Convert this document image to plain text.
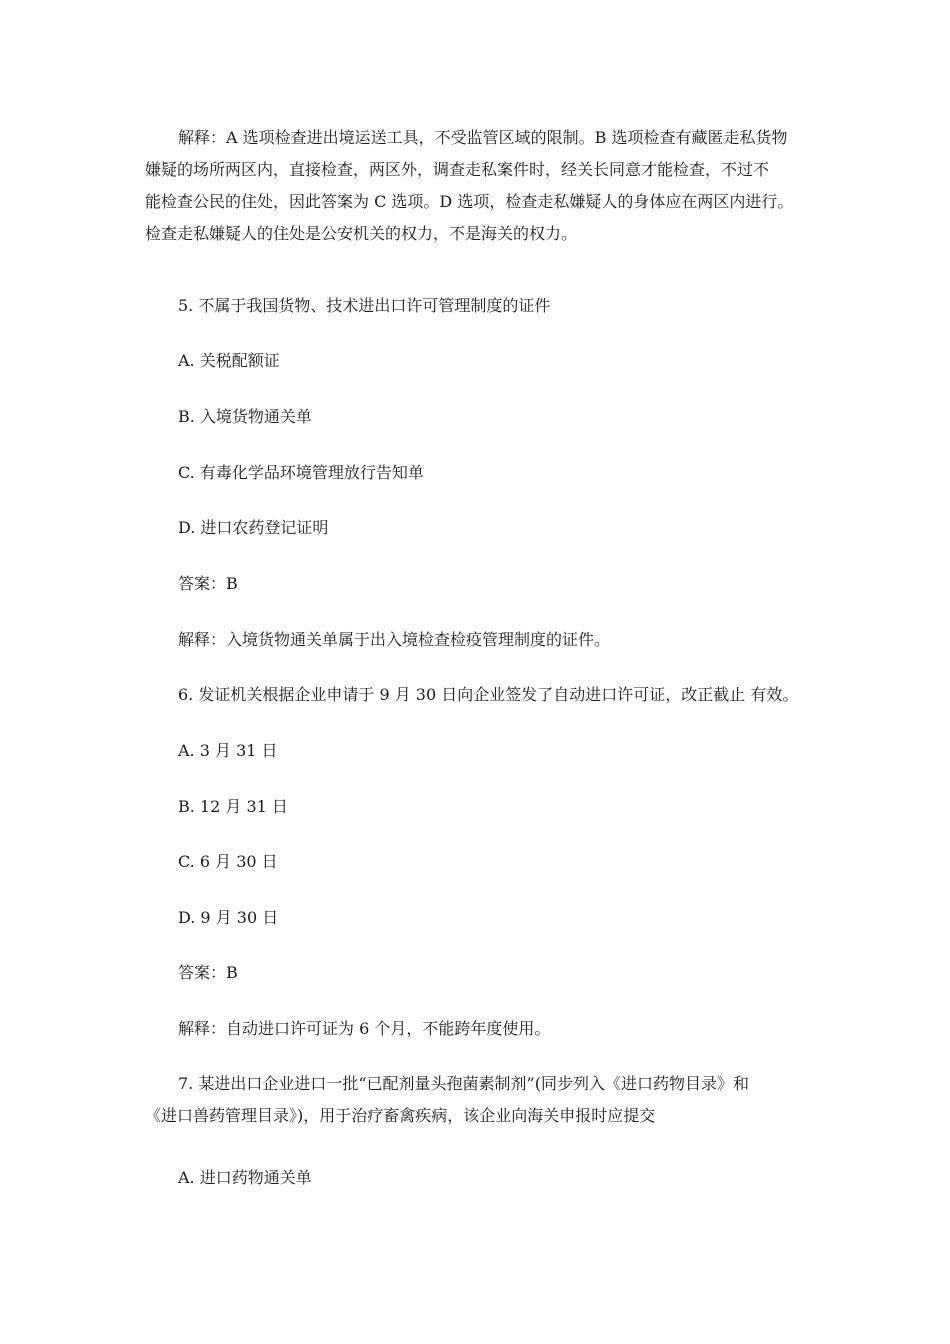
解释：A 选项检查进出境运送工具，不受监管区域的限制。B 选项检查有藏匿走私货物
嫌疑的场所两区内，直接检查，两区外，调查走私案件时，经关长同意才能检查，不过不
能检查公民的住处，因此答案为 C 选项。D 选项，检查走私嫌疑人的身体应在两区内进行。
检查走私嫌疑人的住处是公安机关的权力，不是海关的权力。
5. 不属于我国货物、技术进出口许可管理制度的证件
A. 关税配额证
B. 入境货物通关单
C. 有毒化学品环境管理放行告知单
D. 进口农药登记证明
答案：B
解释：入境货物通关单属于出入境检查检疫管理制度的证件。
6. 发证机关根据企业申请于 9 月 30 日向企业签发了自动进口许可证，改正截止 有效。
A. 3 月 31 日
B. 12 月 31 日
C. 6 月 30 日
D. 9 月 30 日
答案：B
解释：自动进口许可证为 6 个月，不能跨年度使用。
7. 某进出口企业进口一批“已配剂量头孢菌素制剂”(同步列入《进口药物目录》和
《进口兽药管理目录》)，用于治疗畜禽疾病，该企业向海关申报时应提交
A. 进口药物通关单
